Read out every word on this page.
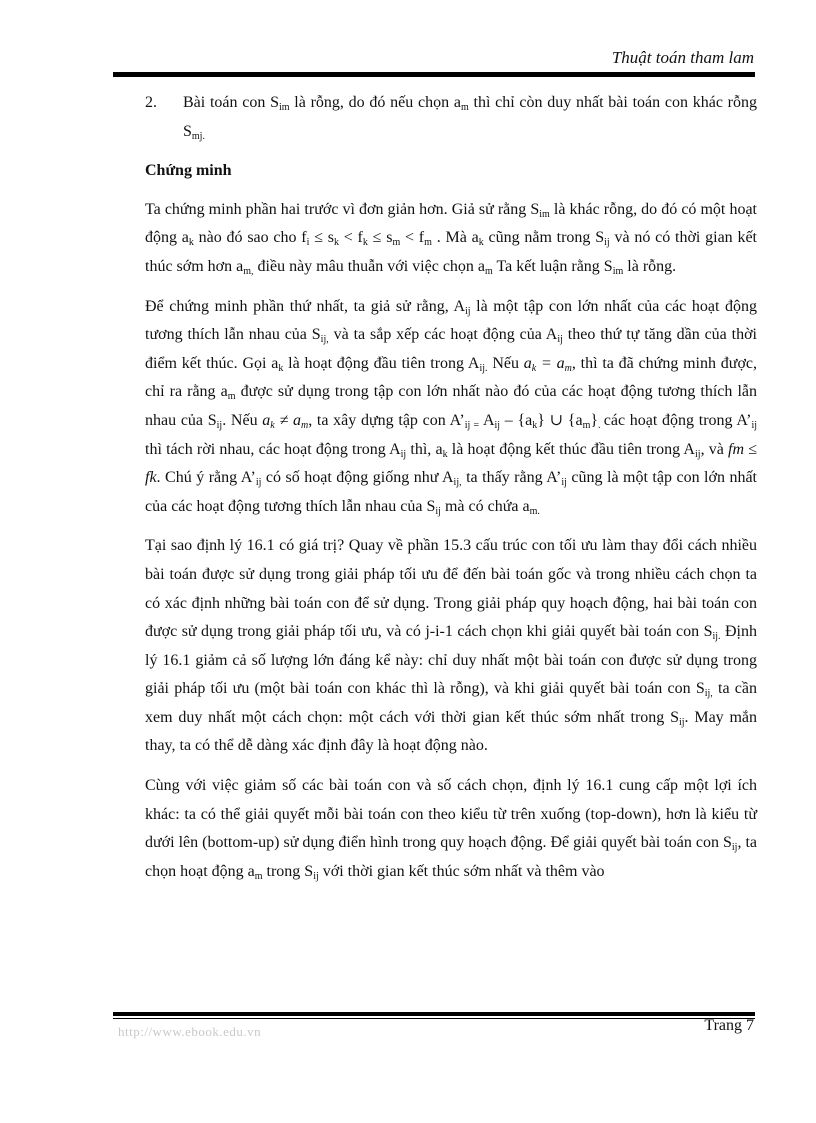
Thuật toán tham lam
2. Bài toán con $S_{im}$ là rỗng, do đó nếu chọn $a_m$ thì chỉ còn duy nhất bài toán con khác rỗng $S_{mj.}$
Chứng minh

Ta chứng minh phần hai trước vì đơn giản hơn. Giả sử rằng $S_{im}$ là khác rỗng, do đó có một hoạt động $a_k$ nào đó sao cho $f_i \le s_k < f_k \le s_m < f_m$ . Mà $a_k$ cũng nằm trong $S_{ij}$ và nó có thời gian kết thúc sớm hơn $a_{m,}$ điều này mâu thuẫn với việc chọn $a_m$ Ta kết luận rằng $S_{im}$ là rỗng.

Để chứng minh phần thứ nhất, ta giả sử rằng, $A_{ij}$ là một tập con lớn nhất của các hoạt động tương thích lẫn nhau của $S_{ij,}$ và ta sắp xếp các hoạt động của $A_{ij}$ theo thứ tự tăng dần của thời điểm kết thúc. Gọi $a_k$ là hoạt động đầu tiên trong $A_{ij.}$ Nếu $a_k = a_m$, thì ta đã chứng minh được, chỉ ra rằng $a_m$ được sử dụng trong tập con lớn nhất nào đó của các hoạt động tương thích lẫn nhau của $S_{ij}$. Nếu $a_k \ne a_m$, ta xây dựng tập con $A’_{ij =}$ $A_{ij} - \{a_k\}$ ∪ $\{a_m\}_.$ các hoạt động trong $A’_{ij}$ thì tách rời nhau, các hoạt động trong $A_{ij}$ thì, $a_k$ là hoạt động kết thúc đầu tiên trong $A_{ij}$, và fm ≤ fk. Chú ý rằng $A’_{ij}$ có số hoạt động giống như $A_{ij,}$ ta thấy rằng $A’_{ij}$ cũng là một tập con lớn nhất của các hoạt động tương thích lẫn nhau của $S_{ij}$ mà có chứa $a_{m.}$

Tại sao định lý 16.1 có giá trị? Quay về phần 15.3 cấu trúc con tối ưu làm thay đổi cách nhiều bài toán được sử dụng trong giải pháp tối ưu để đến bài toán gốc và trong nhiều cách chọn ta có xác định những bài toán con để sử dụng. Trong giải pháp quy hoạch động, hai bài toán con được sử dụng trong giải pháp tối ưu, và có j-i-1 cách chọn khi giải quyết bài toán con $S_{ij.}$ Định lý 16.1 giảm cả số lượng lớn đáng kể này: chỉ duy nhất một bài toán con được sử dụng trong giải pháp tối ưu (một bài toán con khác thì là rỗng), và khi giải quyết bài toán con $S_{ij,}$ ta cần xem duy nhất một cách chọn: một cách với thời gian kết thúc sớm nhất trong $S_{ij}$. May mắn thay, ta có thể dễ dàng xác định đây là hoạt động nào.

Cùng với việc giảm số các bài toán con và số cách chọn, định lý 16.1 cung cấp một lợi ích khác: ta có thể giải quyết mỗi bài toán con theo kiểu từ trên xuống (top-down), hơn là kiểu từ dưới lên (bottom-up) sử dụng điển hình trong quy hoạch động. Để giải quyết bài toán con $S_{ij}$, ta chọn hoạt động $a_m$ trong $S_{ij}$ với thời gian kết thúc sớm nhất và thêm vào

http://www.ebook.edu.vn	Trang 7
